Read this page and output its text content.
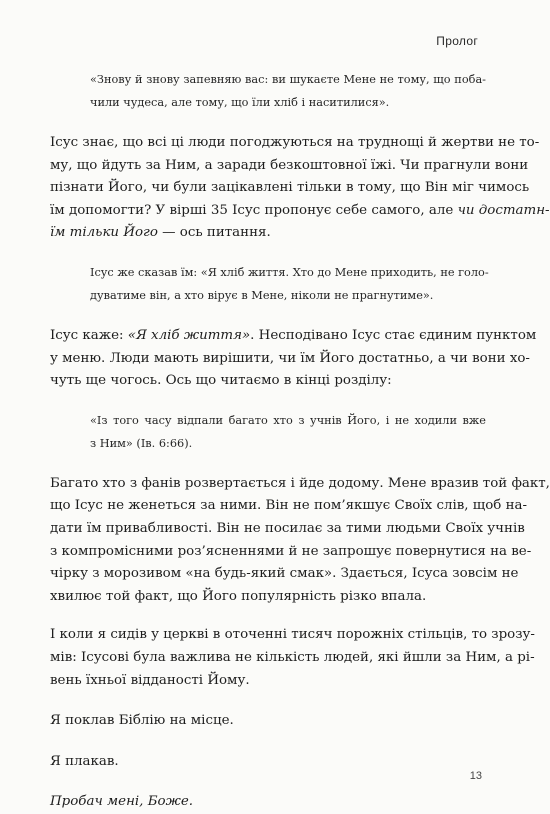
Пролог
«Знову й знову запевняю вас: ви шукаєте Мене не тому, що поба-
чили чудеса, але тому, що їли хліб і наситилися».
Ісус знає, що всі ці люди погоджуються на труднощі й жертви не то-
му, що йдуть за Ним, а заради безкоштовної їжі. Чи прагнули вони
пізнати Його, чи були зацікавлені тільки в тому, що Він міг чимось
їм допомогти? У вірші 35 Ісус пропонує себе самого, але чи достатн-
їм тільки Його — ось питання.
Ісус же сказав їм: «Я хліб життя. Хто до Мене приходить, не голо-
дуватиме він, а хто вірує в Мене, ніколи не прагнутиме».
Ісус каже: «Я хліб життя». Несподівано Ісус стає єдиним пунктом
у меню. Люди мають вирішити, чи їм Його достатньо, а чи вони хо-
чуть ще чогось. Ось що читаємо в кінці розділу:
«Із того часу відпали багато хто з учнів Його, і не ходили вже
з Ним» (Ів. 6:66).
Багато хто з фанів розвертається і йде додому. Мене вразив той факт,
що Ісус не женеться за ними. Він не пом’якшує Своїх слів, щоб на-
дати їм привабливості. Він не посилає за тими людьми Своїх учнів
з компромісними роз’ясненнями й не запрошує повернутися на ве-
чірку з морозивом «на будь-який смак». Здається, Ісуса зовсім не
хвилює той факт, що Його популярність різко впала.
І коли я сидів у церкві в оточенні тисяч порожніх стільців, то зрозу-
мів: Ісусові була важлива не кількість людей, які йшли за Ним, а рі-
вень їхньої відданості Йому.
Я поклав Біблію на місце.
Я плакав.
Пробач мені, Боже.
13
